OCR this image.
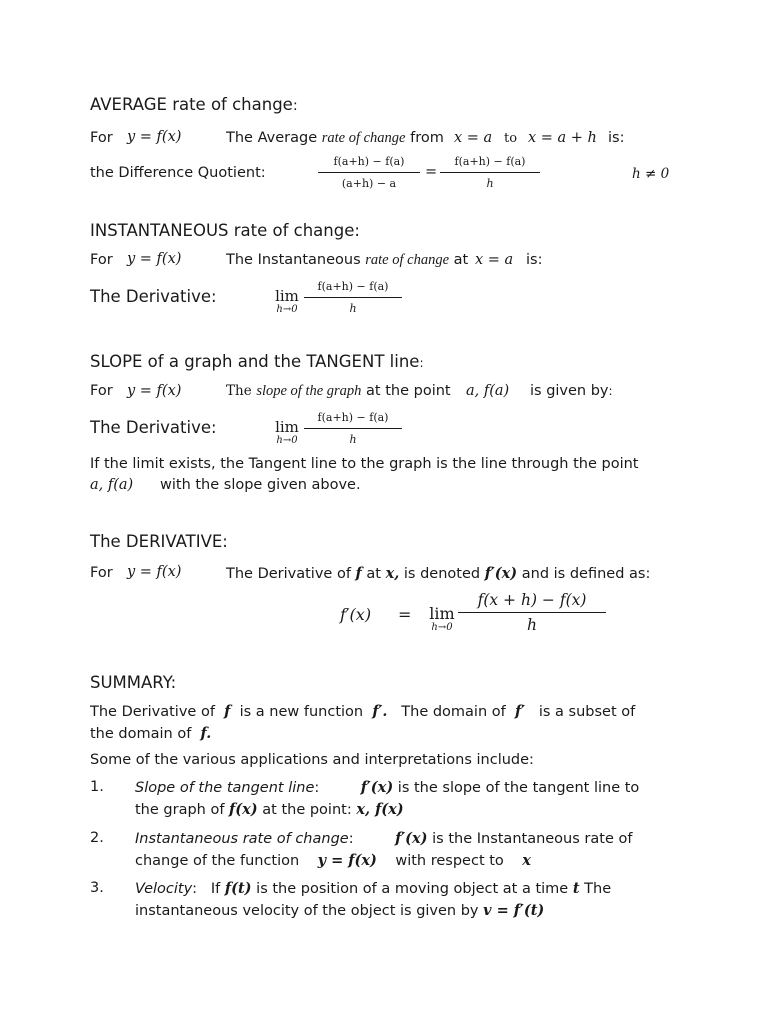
AVERAGE rate of change:
For y = f(x)	The Average rate of change from x = a to x = a + h is:
the Difference Quotient:
f(a+h) − f(a)
(a+h) − a
=
f(a+h) − f(a)
h
h ≠ 0
INSTANTANEOUS rate of change:
For y = f(x)	The Instantaneous rate of change at x = a is:
The Derivative:	lim
h→0
f(a+h) − f(a)
h
SLOPE of a graph and the TANGENT line:
For y = f(x)	The slope of the graph at the point a, f(a) is given by:
The Derivative:	lim
h→0
f(a+h) − f(a)
h
If the limit exists, the Tangent line to the graph is the line through the point
a, f(a) with the slope given above.
The DERIVATIVE:
For y = f(x)	The Derivative of f at x, is denoted f′(x) and is defined as:
f′(x) = lim
h→0
f(x + h) − f(x)
h
SUMMARY:
The Derivative of f is a new function f′. The domain of f′ is a subset of
the domain of f.
Some of the various applications and interpretations include:
1. Slope of the tangent line:	f′(x) is the slope of the tangent line to
the graph of f(x) at the point: x, f(x)
2. Instantaneous rate of change:	f′(x) is the Instantaneous rate of
change of the function y = f(x) with respect to x
3. Velocity: If f(t) is the position of a moving object at a time t The
instantaneous velocity of the object is given by v = f′(t)
